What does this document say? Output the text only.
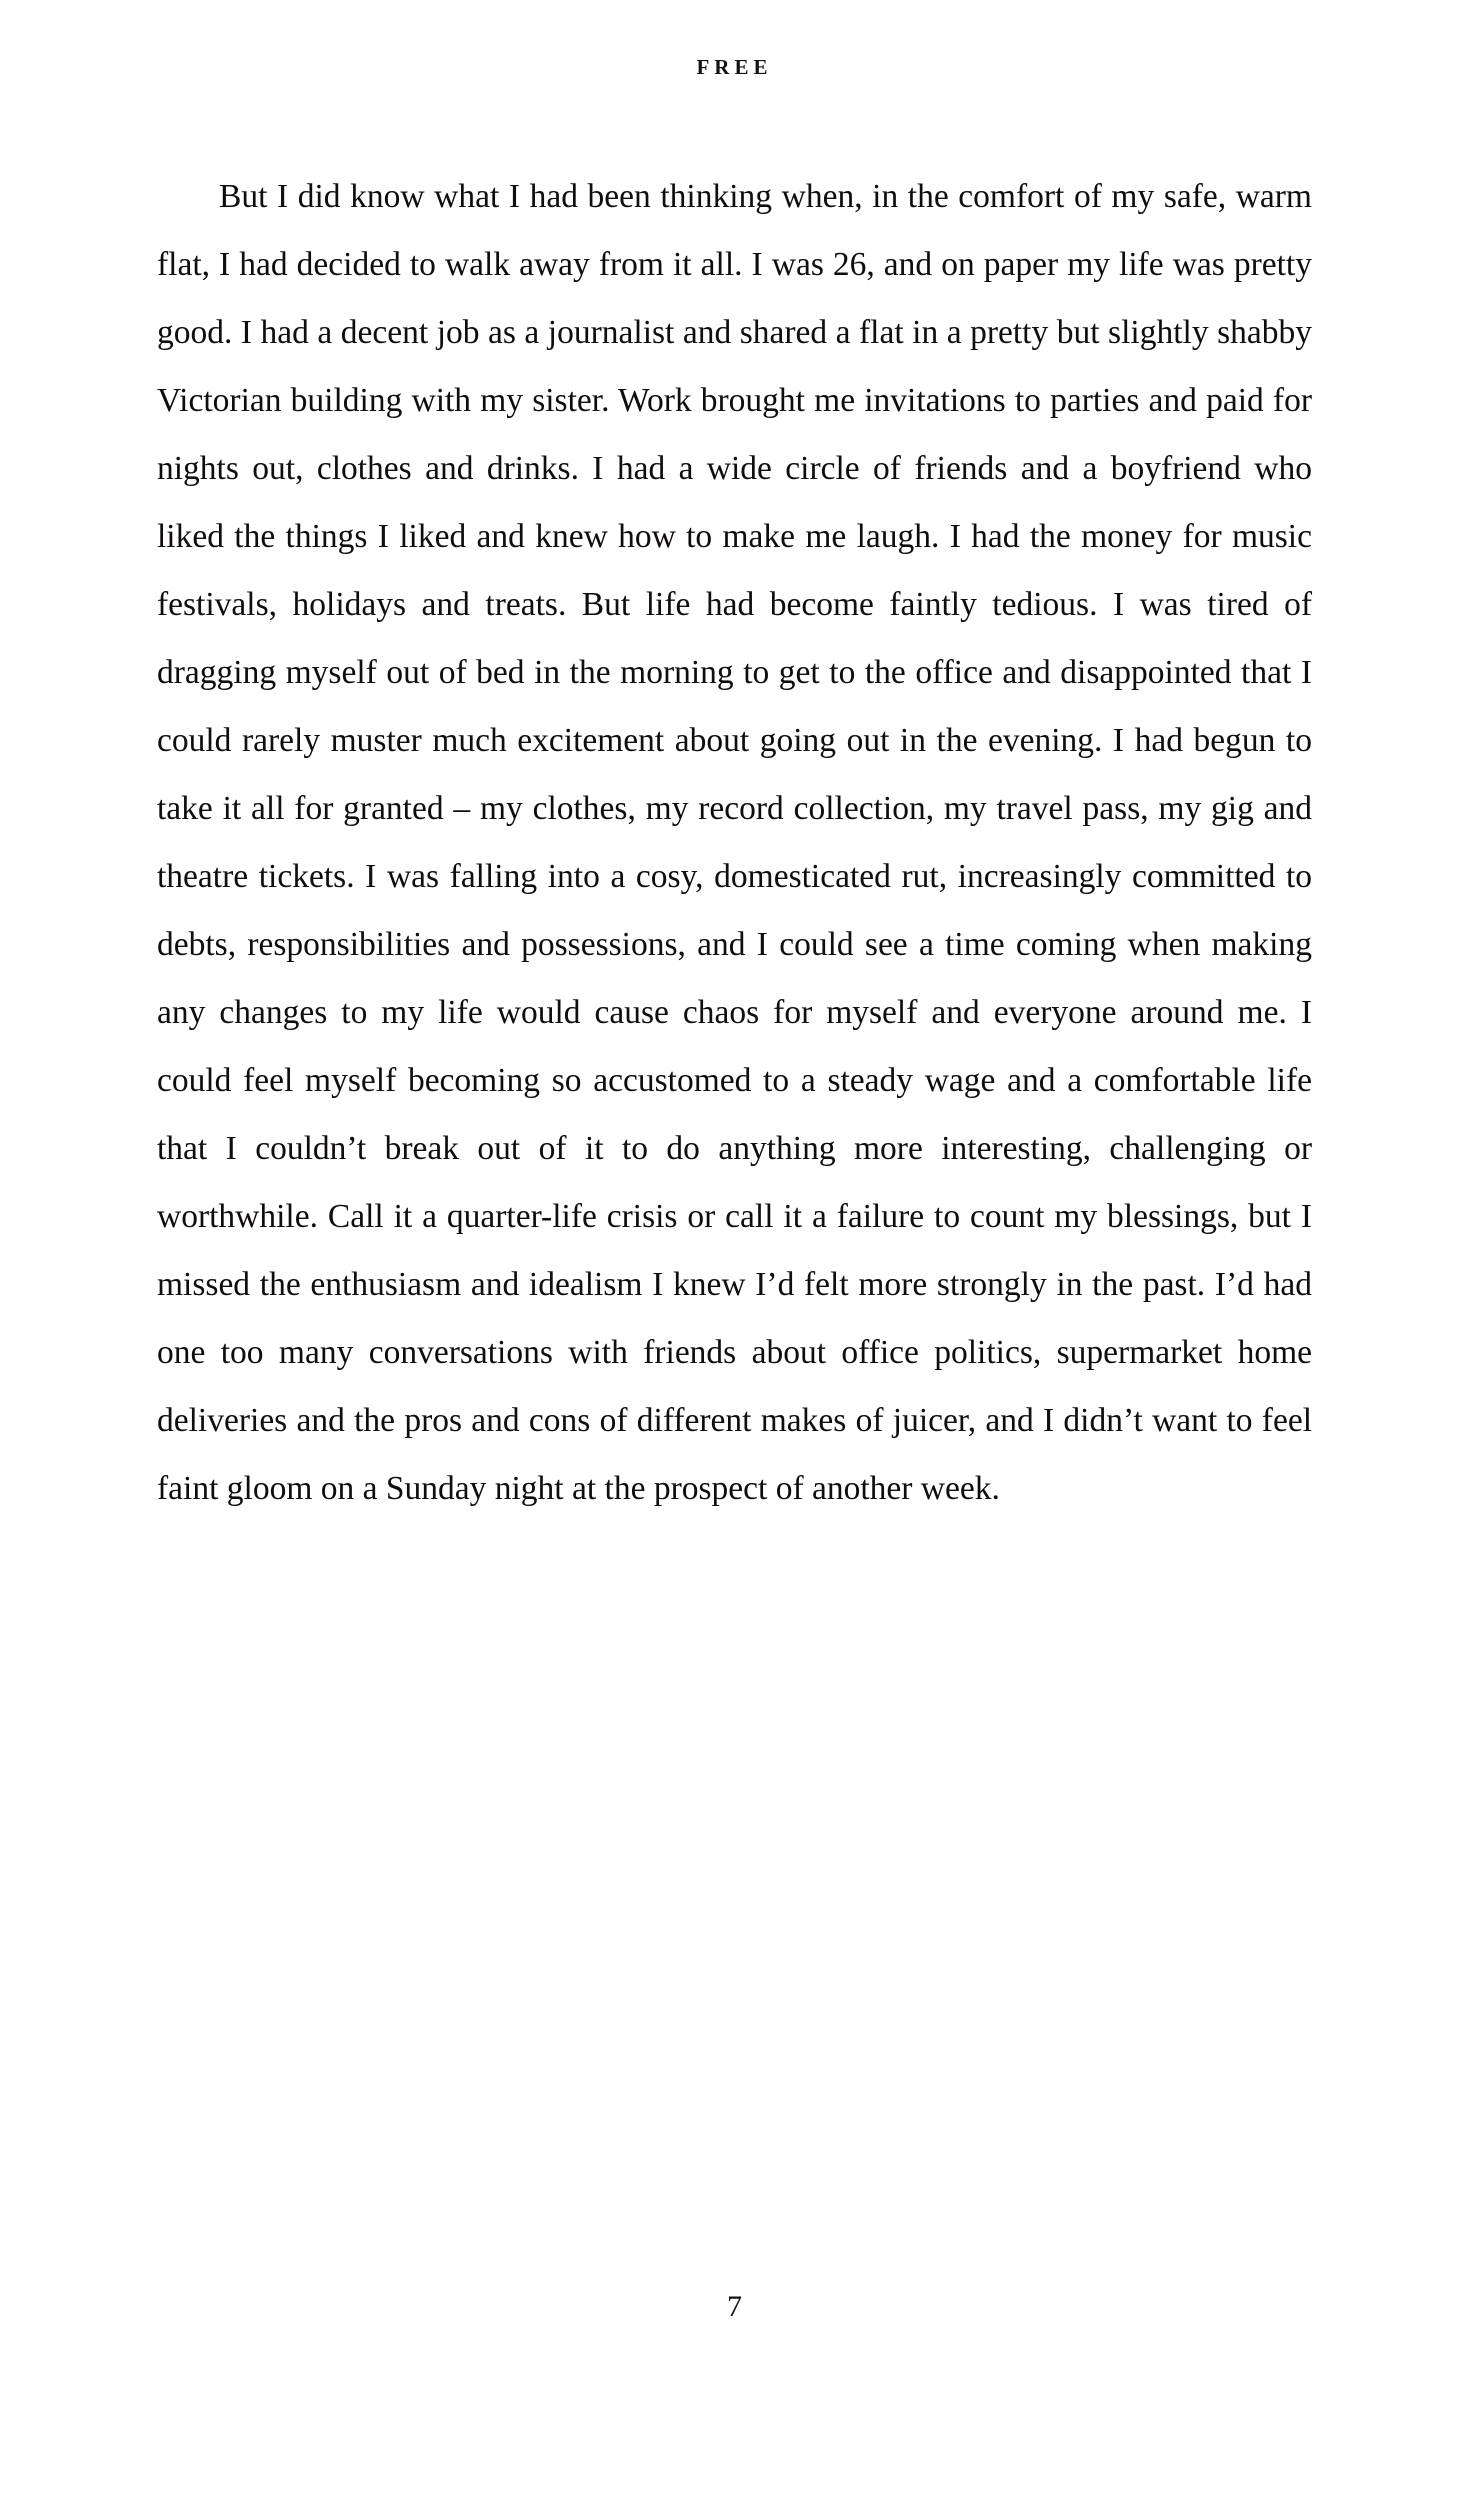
FREE

But I did know what I had been thinking when, in the comfort of my safe, warm flat, I had decided to walk away from it all. I was 26, and on paper my life was pretty good. I had a decent job as a journalist and shared a flat in a pretty but slightly shabby Victorian building with my sister. Work brought me invitations to parties and paid for nights out, clothes and drinks. I had a wide circle of friends and a boyfriend who liked the things I liked and knew how to make me laugh. I had the money for music festivals, holidays and treats. But life had become faintly tedious. I was tired of dragging myself out of bed in the morning to get to the office and disappointed that I could rarely muster much excitement about going out in the evening. I had begun to take it all for granted – my clothes, my record collection, my travel pass, my gig and theatre tickets. I was falling into a cosy, domesticated rut, increasingly committed to debts, responsibilities and possessions, and I could see a time coming when making any changes to my life would cause chaos for myself and everyone around me. I could feel myself becoming so accustomed to a steady wage and a comfortable life that I couldn’t break out of it to do anything more interesting, challenging or worthwhile. Call it a quarter-life crisis or call it a failure to count my blessings, but I missed the enthusiasm and idealism I knew I’d felt more strongly in the past. I’d had one too many conversations with friends about office politics, supermarket home deliveries and the pros and cons of different makes of juicer, and I didn’t want to feel faint gloom on a Sunday night at the prospect of another week.

7
